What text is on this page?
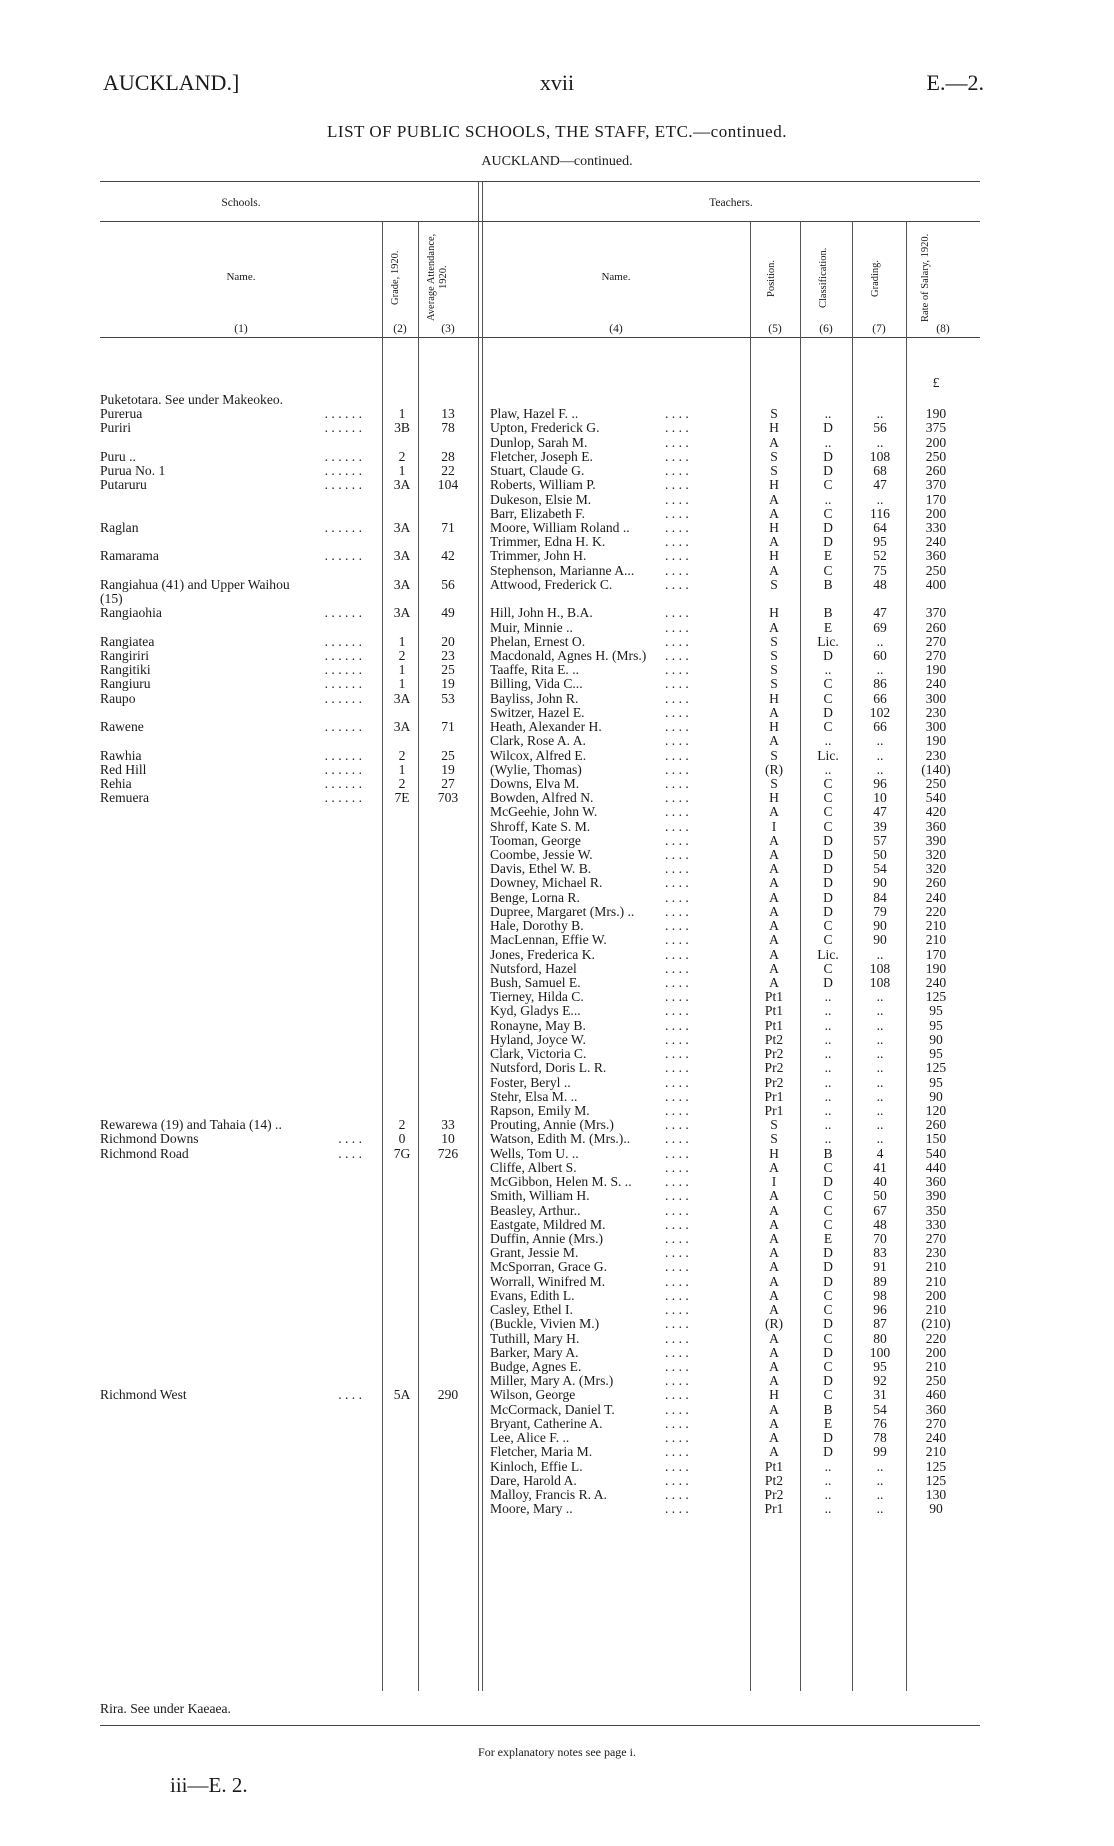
AUCKLAND.]	xvii	E.—2.
LIST OF PUBLIC SCHOOLS, THE STAFF, ETC.—continued.
AUCKLAND—continued.
Schools.	Teachers.
Name.	Grade, 1920. Average Attendance, 1920.	Name.	Position.	Classification.	Grading.	Rate of Salary, 1920.
(1)	(2)	(3)	(4)	(5)	(6)	(7)	(8)
£
Puketotara. See under Makeokeo.
Purerua	. . . . . .	1	13	Plaw, Hazel F. ..	S	..	..	190
. . . .
Puriri	. . . . . . 3B	78	Upton, Frederick G.	H	D	56	375
. . . .
Dunlop, Sarah M.	A	..	..	200
. . . .
Puru ..	. . . . . .	2	28	Fletcher, Joseph E.	S	D	108	250
. . . .
Purua No. 1	. . . . . .	1	22	Stuart, Claude G.	S	D	68	260
. . . .
Putaruru	. . . . . . 3A	104	Roberts, William P.	H	C	47	370
. . . .
Dukeson, Elsie M.	A	..	..	170
. . . .
Barr, Elizabeth F.	A	C	116	200
. . . .
Raglan	. . . . . . 3A	71	Moore, William Roland ..	H	D	64	330
. . . .
Trimmer, Edna H. K.	A	D	95	240
. . . .
Ramarama	. . . . . . 3A	42	Trimmer, John H.	H	E	52	360
. . . .
Stephenson, Marianne A...	A	C	75	250
. . . .
Rangiahua (41) and Upper Waihou	3A	56	Attwood, Frederick C.	S	B	48	400
. . . .
(15)
Rangiaohia	. . . . . . 3A	49	Hill, John H., B.A.	H	B	47	370
. . . .
Muir, Minnie ..	A	E	69	260
. . . .
Rangiatea	. . . . . .	1	20	Phelan, Ernest O.	S	Lic.	..	270
. . . .
Rangiriri	. . . . . .	2	23	Macdonald, Agnes H. (Mrs.)	S	D	60	270
. . . .
Rangitiki	. . . . . .	1	25	Taaffe, Rita E. ..	S	..	..	190
. . . .
Rangiuru	. . . . . .	1	19	Billing, Vida C...	S	C	86	240
. . . .
Raupo	. . . . . . 3A	53	Bayliss, John R.	H	C	66	300
. . . .
Switzer, Hazel E.	A	D	102	230
. . . .
Rawene	. . . . . . 3A	71	Heath, Alexander H.	H	C	66	300
. . . .
Clark, Rose A. A.	A	..	..	190
. . . .
Rawhia	. . . . . .	2	25	Wilcox, Alfred E.	S	Lic.	..	230
. . . .
Red Hill	. . . . . .	1	19	(Wylie, Thomas)	(R)	..	..	(140)
. . . .
Rehia	. . . . . .	2	27	Downs, Elva M.	S	C	96	250
. . . .
Remuera	. . . . . . 7E	703	Bowden, Alfred N.	H	C	10	540
. . . .
McGeehie, John W.	A	C	47	420
. . . .
Shroff, Kate S. M.	I	C	39	360
. . . .
Tooman, George	A	D	57	390
. . . .
Coombe, Jessie W.	A	D	50	320
. . . .
Davis, Ethel W. B.	A	D	54	320
. . . .
Downey, Michael R.	A	D	90	260
. . . .
Benge, Lorna R.	A	D	84	240
. . . .
Dupree, Margaret (Mrs.) ..	A	D	79	220
. . . .
Hale, Dorothy B.	A	C	90	210
. . . .
MacLennan, Effie W.	A	C	90	210
. . . .
Jones, Frederica K.	A	Lic.	..	170
. . . .
Nutsford, Hazel	A	C	108	190
. . . .
Bush, Samuel E.	A	D	108	240
. . . .
Tierney, Hilda C.	Pt1	..	..	125
. . . .
Kyd, Gladys E...	Pt1	..	..	95
. . . .
Ronayne, May B.	Pt1	..	..	95
. . . .
Hyland, Joyce W.	Pt2	..	..	90
. . . .
Clark, Victoria C.	Pr2	..	..	95
. . . .
Nutsford, Doris L. R.	Pr2	..	..	125
. . . .
Foster, Beryl ..	Pr2	..	..	95
. . . .
Stehr, Elsa M. ..	Pr1	..	..	90
. . . .
Rapson, Emily M.	Pr1	..	..	120
. . . .
Rewarewa (19) and Tahaia (14) ..	2	33	Prouting, Annie (Mrs.)	S	..	..	260
. . . .
Richmond Downs	. . . .	0	10	Watson, Edith M. (Mrs.)..	S	..	..	150
. . . .
Richmond Road	. . . . 7G	726	Wells, Tom U. ..	H	B	4	540
. . . .
Cliffe, Albert S.	A	C	41	440
. . . .
McGibbon, Helen M. S. ..	I	D	40	360
. . . .
Smith, William H.	A	C	50	390
. . . .
Beasley, Arthur..	A	C	67	350
. . . .
Eastgate, Mildred M.	A	C	48	330
. . . .
Duffin, Annie (Mrs.)	A	E	70	270
. . . .
Grant, Jessie M.	A	D	83	230
. . . .
McSporran, Grace G.	A	D	91	210
. . . .
Worrall, Winifred M.	A	D	89	210
. . . .
Evans, Edith L.	A	C	98	200
. . . .
Casley, Ethel I.	A	C	96	210
. . . .
(Buckle, Vivien M.)	(R)	D	87	(210)
. . . .
Tuthill, Mary H.	A	C	80	220
. . . .
Barker, Mary A.	A	D	100	200
. . . .
Budge, Agnes E.	A	C	95	210
. . . .
Miller, Mary A. (Mrs.)	A	D	92	250
. . . .
Richmond West	. . . . 5A	290	Wilson, George	H	C	31	460
. . . .
McCormack, Daniel T.	A	B	54	360
. . . .
Bryant, Catherine A.	A	E	76	270
. . . .
Lee, Alice F. ..	A	D	78	240
. . . .
Fletcher, Maria M.	A	D	99	210
. . . .
Kinloch, Effie L.	Pt1	..	..	125
. . . .
Dare, Harold A.	Pt2	..	..	125
. . . .
Malloy, Francis R. A.	Pr2	..	..	130
. . . .
Moore, Mary ..	Pr1	..	..	90
. . . .
Rira. See under Kaeaea.
For explanatory notes see page i.
iii—E. 2.
